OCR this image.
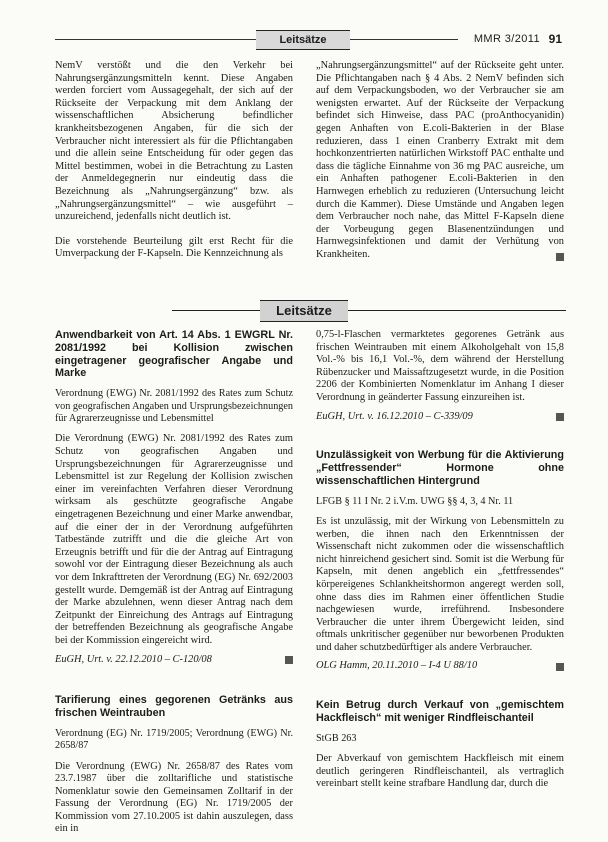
Leitsätze	MMR 3/2011 91

NemV verstößt und die den Verkehr bei Nahrungsergänzungsmitteln kennt. Diese Angaben werden forciert vom Aussagegehalt, der sich auf der Rückseite der Verpackung mit dem Anklang der wissenschaftlichen Absicherung befindlicher krankheitsbezogenen Angaben, für die sich der Verbraucher nicht interessiert als für die Pflichtangaben und die allein seine Entscheidung für oder gegen das Mittel bestimmen, wobei in die Betrachtung zu Lasten der Anmeldegegnerin nur eindeutig dass die Bezeichnung als „Nahrungsergänzung“ bzw. als „Nahrungsergänzungsmittel“ – wie ausgeführt – unzureichend, jedenfalls nicht deutlich ist.

Die vorstehende Beurteilung gilt erst Recht für die Umverpackung der F-Kapseln. Die Kennzeichnung als

„Nahrungsergänzungsmittel“ auf der Rückseite geht unter. Die Pflichtangaben nach § 4 Abs. 2 NemV befinden sich auf dem Verpackungsboden, wo der Verbraucher sie am wenigsten erwartet. Auf der Rückseite der Verpackung befindet sich Hinweise, dass PAC (proAnthocyanidin) gegen Anhaften von E.coli-Bakterien in der Blase reduzieren, dass 1 einen Cranberry Extrakt mit dem hochkonzentrierten natürlichen Wirkstoff PAC enthalte und dass die tägliche Einnahme von 36 mg PAC ausreiche, um ein Anhaften pathogener E.coli-Bakterien in den Harnwegen erheblich zu reduzieren (Untersuchung leicht durch die Kammer). Diese Umstände und Angaben legen dem Verbraucher noch nahe, das Mittel F-Kapseln diene der Vorbeugung gegen Blasenentzündungen und Harnwegsinfektionen und damit der Verhütung von Krankheiten.

Leitsätze
Anwendbarkeit von Art. 14 Abs. 1 EWGRL Nr. 2081/1992 bei Kollision zwischen eingetragener geografischer Angabe und Marke
Verordnung (EWG) Nr. 2081/1992 des Rates zum Schutz von geografischen Angaben und Ursprungsbezeichnungen für Agrarerzeugnisse und Lebensmittel
Die Verordnung (EWG) Nr. 2081/1992 des Rates zum Schutz von geografischen Angaben und Ursprungsbezeichnungen für Agrarerzeugnisse und Lebensmittel ist zur Regelung der Kollision zwischen einer im vereinfachten Verfahren dieser Verordnung wirksam als geschützte geografische Angabe eingetragenen Bezeichnung und einer Marke anwendbar, auf die einer der in der Verordnung aufgeführten Tatbestände zutrifft und die die gleiche Art von Erzeugnis betrifft und für die der Antrag auf Eintragung sowohl vor der Eintragung dieser Bezeichnung als auch vor dem Inkrafttreten der Verordnung (EG) Nr. 692/2003 gestellt wurde. Demgemäß ist der Antrag auf Eintragung der Marke abzulehnen, wenn dieser Antrag nach dem Zeitpunkt der Einreichung des Antrags auf Eintragung der betreffenden Bezeichnung als geografische Angabe bei der Kommission eingereicht wird.
EuGH, Urt. v. 22.12.2010 – C-120/08
Tarifierung eines gegorenen Getränks aus frischen Weintrauben
Verordnung (EG) Nr. 1719/2005; Verordnung (EWG) Nr. 2658/87
Die Verordnung (EWG) Nr. 2658/87 des Rates vom 23.7.1987 über die zolltarifliche und statistische Nomenklatur sowie den Gemeinsamen Zolltarif in der Fassung der Verordnung (EG) Nr. 1719/2005 der Kommission vom 27.10.2005 ist dahin auszulegen, dass ein in
0,75-l-Flaschen vermarktetes gegorenes Getränk aus frischen Weintrauben mit einem Alkoholgehalt von 15,8 Vol.-% bis 16,1 Vol.-%, dem während der Herstellung Rübenzucker und Maissaftzugesetzt wurde, in die Position 2206 der Kombinierten Nomenklatur im Anhang I dieser Verordnung in geänderter Fassung einzureihen ist.
EuGH, Urt. v. 16.12.2010 – C-339/09
Unzulässigkeit von Werbung für die Aktivierung „Fettfressender“ Hormone ohne wissenschaftlichen Hintergrund
LFGB § 11 I Nr. 2 i.V.m. UWG §§ 4, 3, 4 Nr. 11
Es ist unzulässig, mit der Wirkung von Lebensmitteln zu werben, die ihnen nach den Erkenntnissen der Wissenschaft nicht zukommen oder die wissenschaftlich nicht hinreichend gesichert sind. Somit ist die Werbung für Kapseln, mit denen angeblich ein „fettfressendes“ körpereigenes Schlankheitshormon angeregt werden soll, ohne dass dies im Rahmen einer öffentlichen Studie nachgewiesen wurde, irreführend. Insbesondere Verbraucher die unter ihrem Übergewicht leiden, sind oftmals unkritischer gegenüber nur beworbenen Produkten und daher schutzbedürftiger als andere Verbraucher.
OLG Hamm, 20.11.2010 – I-4 U 88/10
Kein Betrug durch Verkauf von „gemischtem Hackfleisch“ mit weniger Rindfleischanteil
StGB 263
Der Abverkauf von gemischtem Hackfleisch mit einem deutlich geringeren Rindfleischanteil, als vertraglich vereinbart stellt keine strafbare Handlung dar, durch die
